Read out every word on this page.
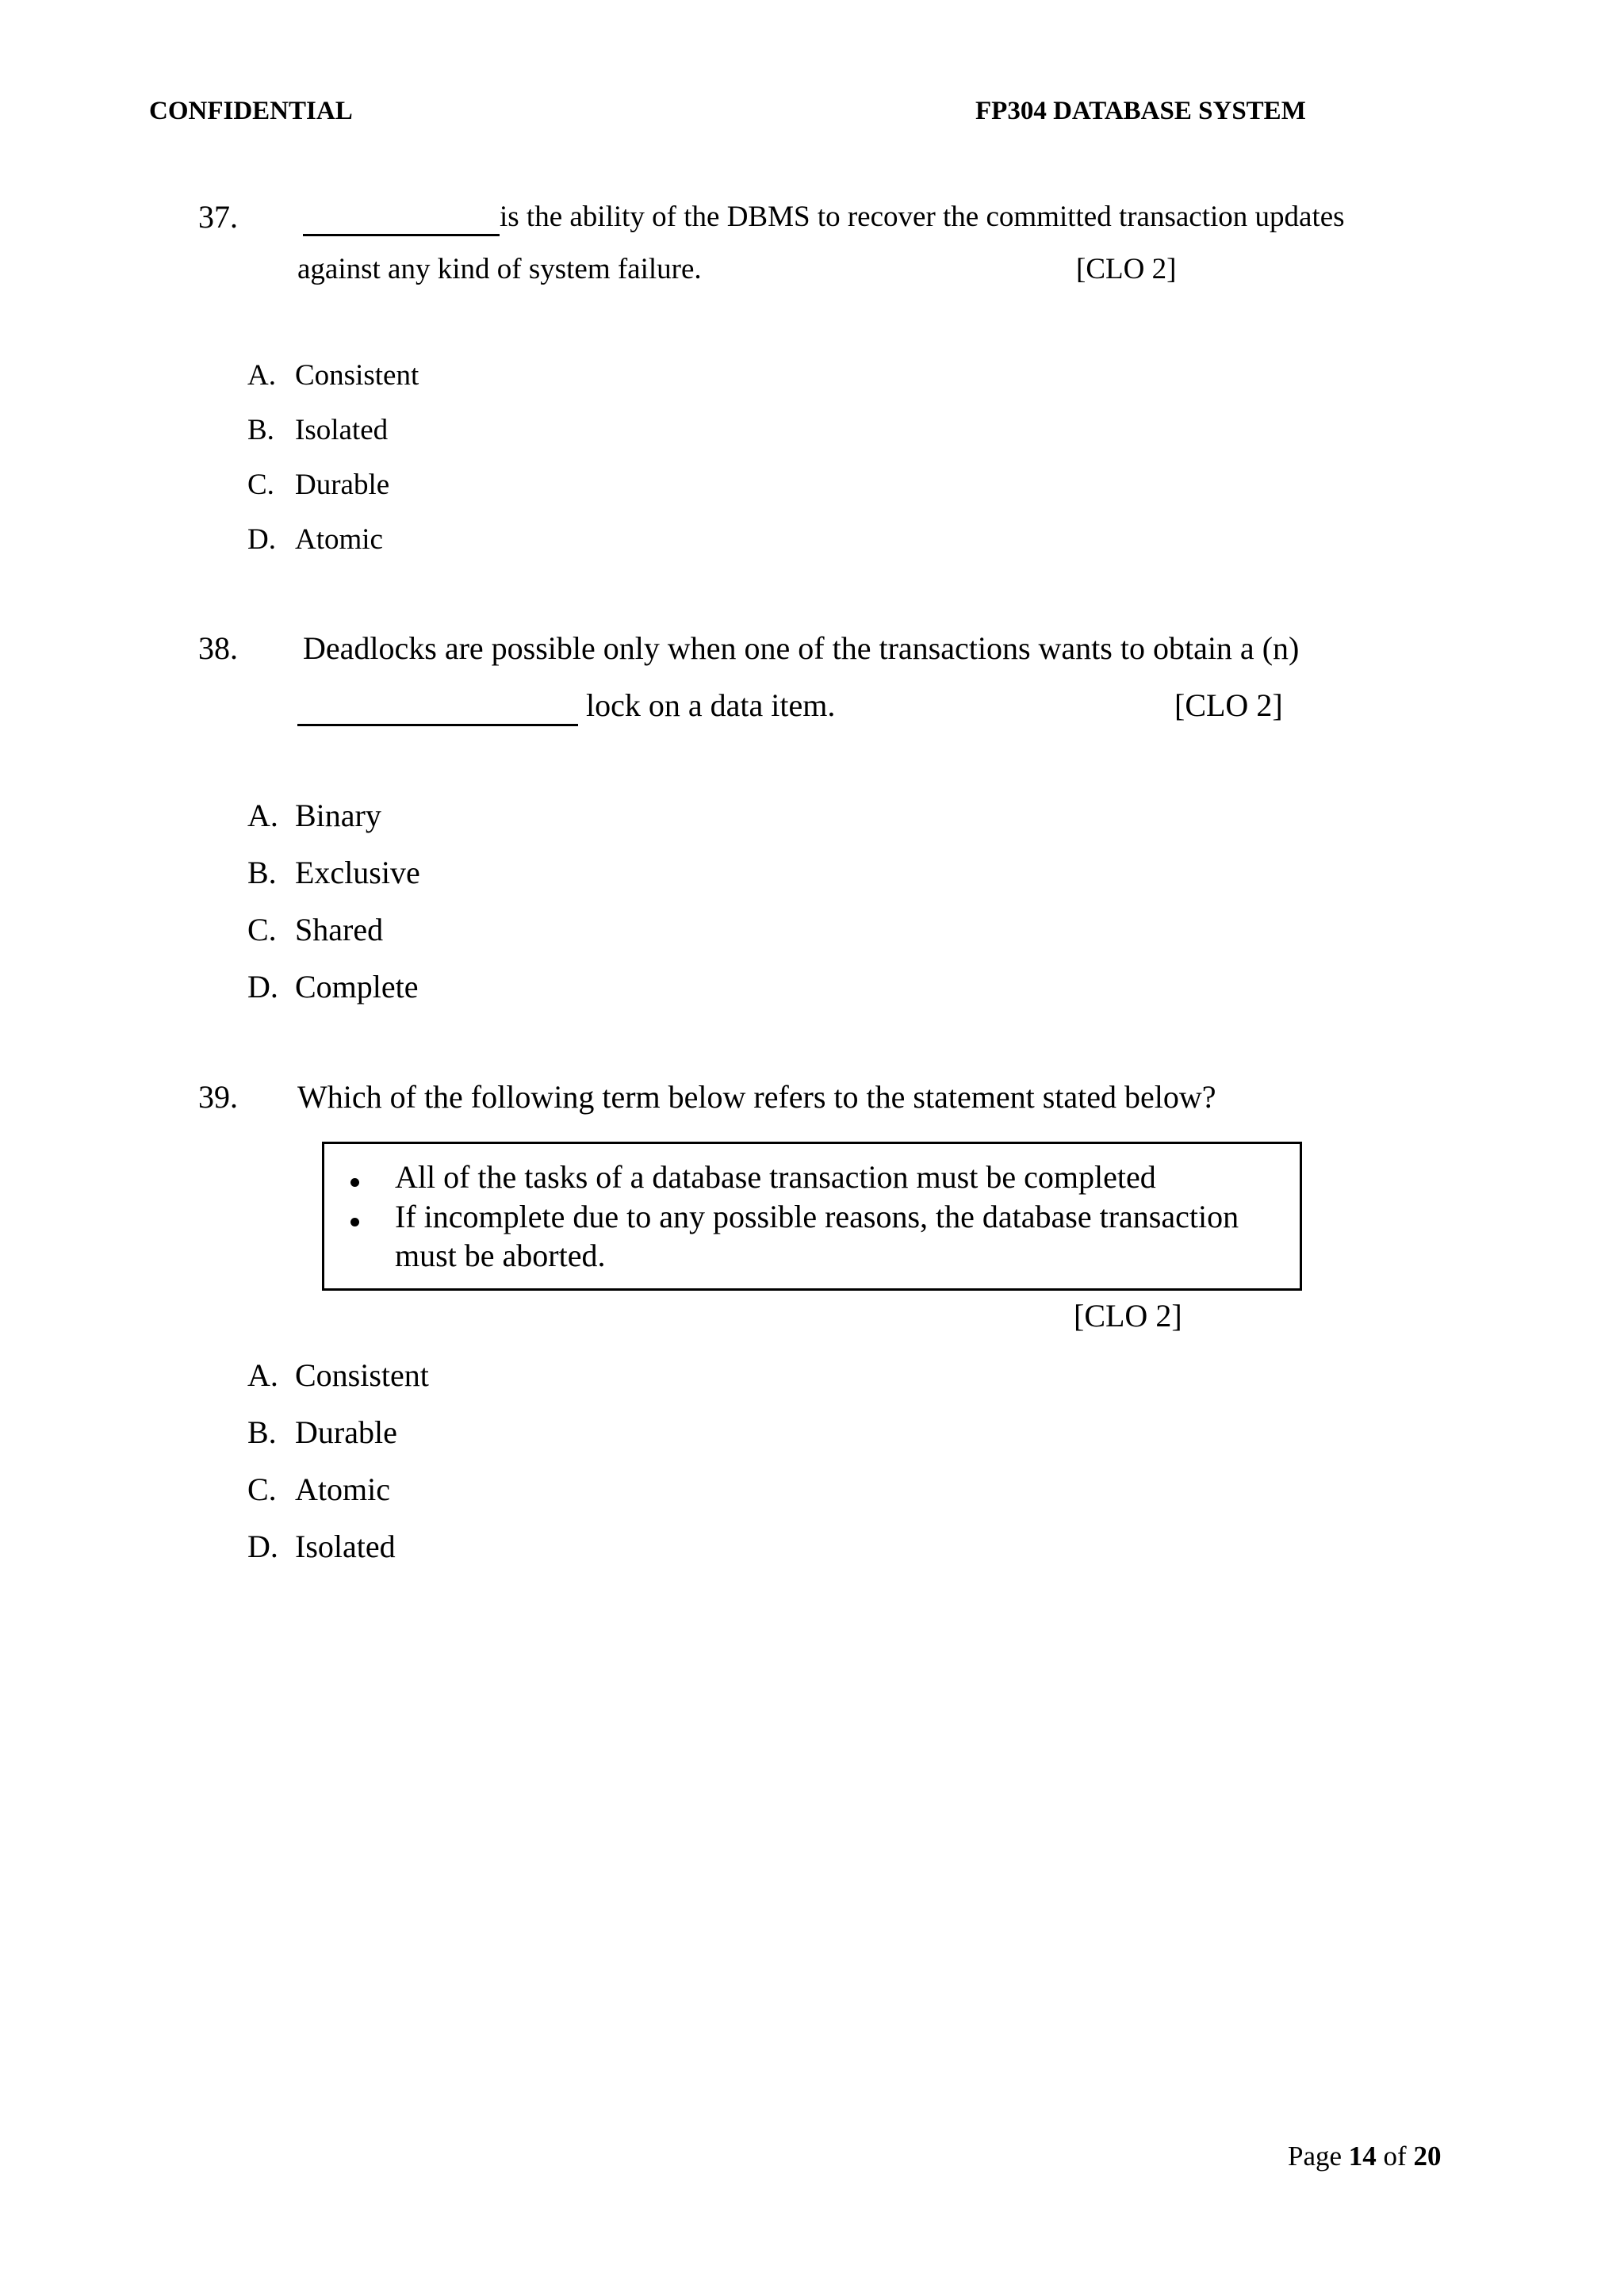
CONFIDENTIAL	FP304 DATABASE SYSTEM
37.	is the ability of the DBMS to recover the committed transaction updates
against any kind of system failure.	[CLO 2]
A. Consistent
B. Isolated
C. Durable
D. Atomic
38. Deadlocks are possible only when one of the transactions wants to obtain a (n)
lock on a data item.	[CLO 2]
A. Binary
B. Exclusive
C. Shared
D. Complete
39. Which of the following term below refers to the statement stated below?
All of the tasks of a database transaction must be completed
If incomplete due to any possible reasons, the database transaction
must be aborted.
[CLO 2]
A. Consistent
B. Durable
C. Atomic
D. Isolated
Page 14 of 20
